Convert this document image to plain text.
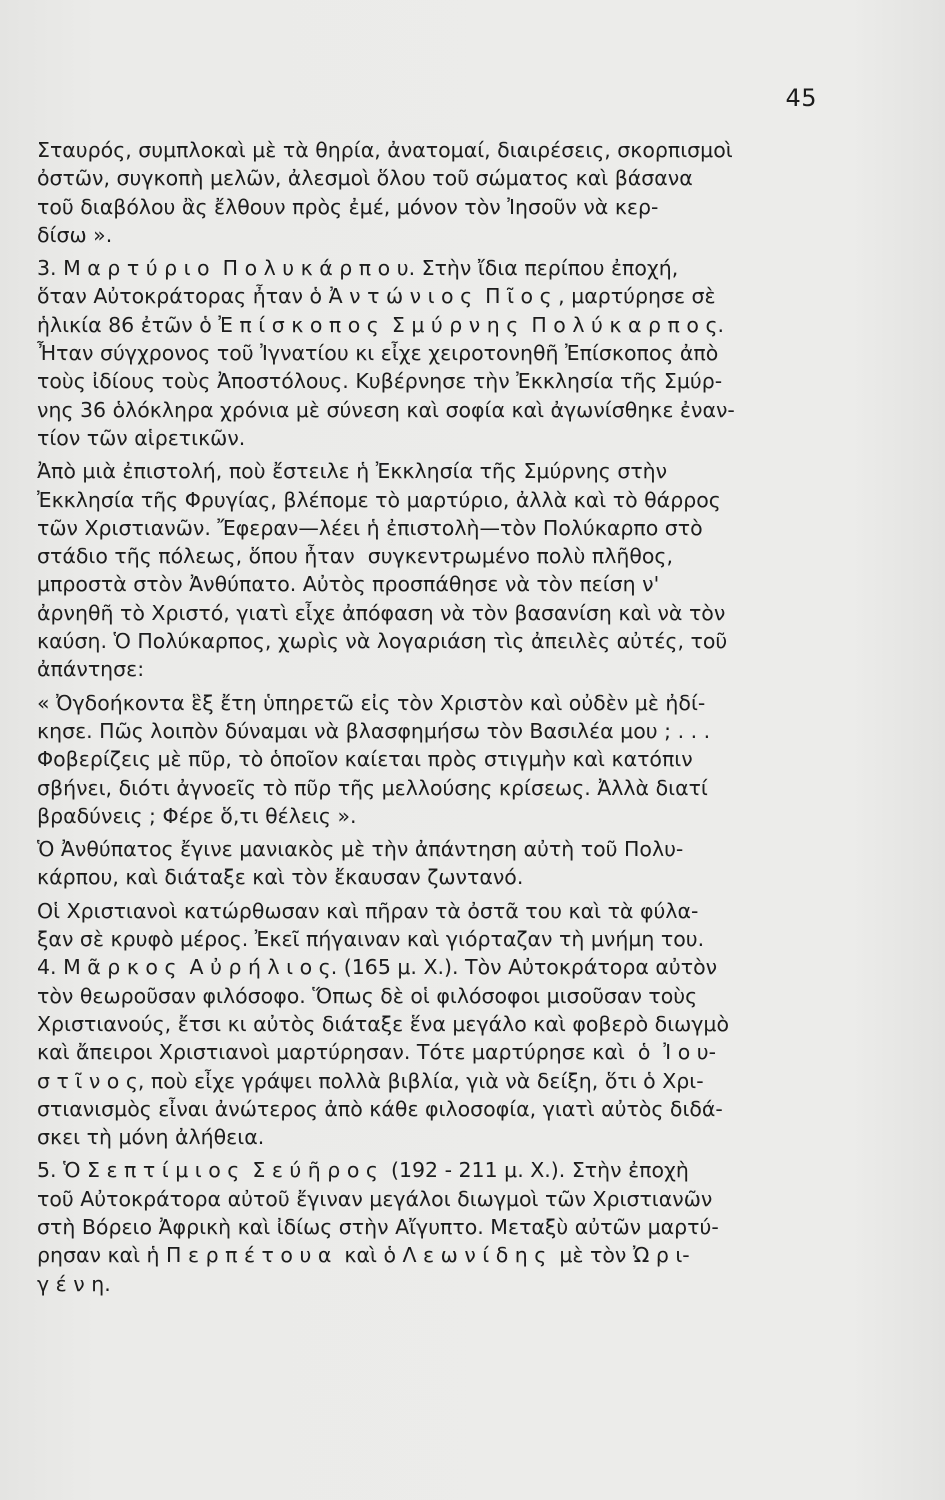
45
Σταυρός, συμπλοκαὶ μὲ τὰ θηρία, ἀνατομαί, διαιρέσεις, σκορπισμοὶ
ὀστῶν, συγκοπὴ μελῶν, ἀλεσμοὶ ὅλου τοῦ σώματος καὶ βάσανα
τοῦ διαβόλου ἂς ἔλθουν πρὸς ἐμέ, μόνον τὸν Ἰησοῦν νὰ κερ-
δίσω ».
3. Μ α ρ τ ύ ρ ι ο  Π ο λ υ κ ά ρ π ο υ. Στὴν ἴδια περίπου ἐποχή,
ὅταν Αὐτοκράτορας ἦταν ὁ Ἀ ν τ ώ ν ι ο ς  Π ῖ ο ς , μαρτύρησε σὲ
ἡλικία 86 ἐτῶν ὁ Ἐ π ί σ κ ο π ο ς  Σ μ ύ ρ ν η ς  Π ο λ ύ κ α ρ π ο ς.
Ἦταν σύγχρονος τοῦ Ἰγνατίου κι εἶχε χειροτονηθῆ Ἐπίσκοπος ἀπὸ
τοὺς ἰδίους τοὺς Ἀποστόλους. Κυβέρνησε τὴν Ἐκκλησία τῆς Σμύρ-
νης 36 ὁλόκληρα χρόνια μὲ σύνεση καὶ σοφία καὶ ἀγωνίσθηκε ἐναν-
τίον τῶν αἱρετικῶν.
Ἀπὸ μιὰ ἐπιστολή, ποὺ ἔστειλε ἡ Ἐκκλησία τῆς Σμύρνης στὴν
Ἐκκλησία τῆς Φρυγίας, βλέπομε τὸ μαρτύριο, ἀλλὰ καὶ τὸ θάρρος
τῶν Χριστιανῶν. Ἔφεραν—λέει ἡ ἐπιστολὴ—τὸν Πολύκαρπο στὸ
στάδιο τῆς πόλεως, ὅπου ἦταν  συγκεντρωμένο πολὺ πλῆθος,
μπροστὰ στὸν Ἀνθύπατο. Αὐτὸς προσπάθησε νὰ τὸν πείση ν'
ἀρνηθῆ τὸ Χριστό, γιατὶ εἶχε ἀπόφαση νὰ τὸν βασανίση καὶ νὰ τὸν
καύση. Ὁ Πολύκαρπος, χωρὶς νὰ λογαριάση τὶς ἀπειλὲς αὐτές, τοῦ
ἀπάντησε:
« Ὀγδοήκοντα ἓξ ἔτη ὑπηρετῶ εἰς τὸν Χριστὸν καὶ οὐδὲν μὲ ἠδί-
κησε. Πῶς λοιπὸν δύναμαι νὰ βλασφημήσω τὸν Βασιλέα μου ; . . .
Φοβερίζεις μὲ πῦρ, τὸ ὁποῖον καίεται πρὸς στιγμὴν καὶ κατόπιν
σβήνει, διότι ἀγνοεῖς τὸ πῦρ τῆς μελλούσης κρίσεως. Ἀλλὰ διατί
βραδύνεις ; Φέρε ὅ,τι θέλεις ».
Ὁ Ἀνθύπατος ἔγινε μανιακὸς μὲ τὴν ἀπάντηση αὐτὴ τοῦ Πολυ-
κάρπου, καὶ διάταξε καὶ τὸν ἔκαυσαν ζωντανό.
Οἱ Χριστιανοὶ κατώρθωσαν καὶ πῆραν τὰ ὀστᾶ του καὶ τὰ φύλα-
ξαν σὲ κρυφὸ μέρος. Ἐκεῖ πήγαιναν καὶ γιόρταζαν τὴ μνήμη του.
4. Μ ᾶ ρ κ ο ς  Α ὐ ρ ή λ ι ο ς. (165 μ. Χ.). Τὸν Αὐτοκράτορα αὐτὸν
τὸν θεωροῦσαν φιλόσοφο. Ὅπως δὲ οἱ φιλόσοφοι μισοῦσαν τοὺς
Χριστιανούς, ἔτσι κι αὐτὸς διάταξε ἕνα μεγάλο καὶ φοβερὸ διωγμὸ
καὶ ἄπειροι Χριστιανοὶ μαρτύρησαν. Τότε μαρτύρησε καὶ  ὁ  Ἰ ο υ-
σ τ ῖ ν ο ς, ποὺ εἶχε γράψει πολλὰ βιβλία, γιὰ νὰ δείξη, ὅτι ὁ Χρι-
στιανισμὸς εἶναι ἀνώτερος ἀπὸ κάθε φιλοσοφία, γιατὶ αὐτὸς διδά-
σκει τὴ μόνη ἀλήθεια.
5. Ὁ Σ ε π τ ί μ ι ο ς  Σ ε ύ ῆ ρ ο ς  (192 - 211 μ. Χ.). Στὴν ἐποχὴ
τοῦ Αὐτοκράτορα αὐτοῦ ἔγιναν μεγάλοι διωγμοὶ τῶν Χριστιανῶν
στὴ Βόρειο Ἀφρικὴ καὶ ἰδίως στὴν Αἴγυπτο. Μεταξὺ αὐτῶν μαρτύ-
ρησαν καὶ ἡ Π ε ρ π έ τ ο υ α  καὶ ὁ Λ ε ω ν ί δ η ς  μὲ τὸν Ὠ ρ ι-
γ έ ν η.
